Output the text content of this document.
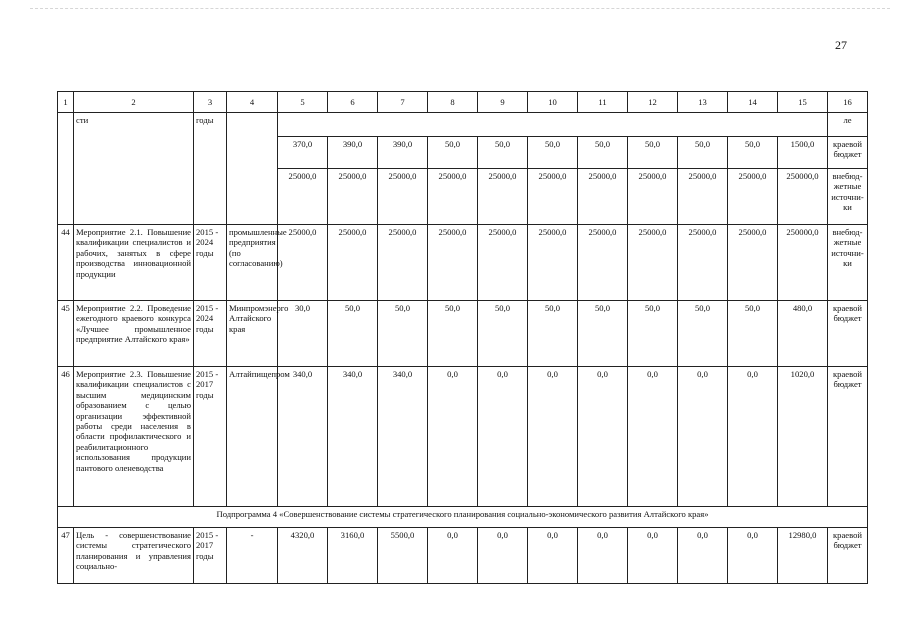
27
1	2	3	4	5	6	7	8	9	10	11	12	13	14	15	16
	сти	годы													ле
				370,0	390,0	390,0	50,0	50,0	50,0	50,0	50,0	50,0	50,0	1500,0	краевой бюджет
				25000,0	25000,0	25000,0	25000,0	25000,0	25000,0	25000,0	25000,0	25000,0	25000,0	250000,0	внебюд-жетные источни-ки
44	Мероприятие 2.1. Повышение квалификации специалистов и рабочих, занятых в сфере производства инновационной продукции	2015 - 2024 годы	промышленные предприятия (по согласованию)	25000,0	25000,0	25000,0	25000,0	25000,0	25000,0	25000,0	25000,0	25000,0	25000,0	250000,0	внебюд-жетные источни-ки
45	Мероприятие 2.2. Проведение ежегодного краевого конкурса «Лучшее промышленное предприятие Алтайского края»	2015 - 2024 годы	Минпромэнерго Алтайского края	30,0	50,0	50,0	50,0	50,0	50,0	50,0	50,0	50,0	50,0	480,0	краевой бюджет
46	Мероприятие 2.3. Повышение квалификации специалистов с высшим медицинским образованием с целью организации эффективной работы среди населения в области профилактического и реабилитационного использования продукции пантового оленеводства	2015 - 2017 годы	Алтайпищепром	340,0	340,0	340,0	0,0	0,0	0,0	0,0	0,0	0,0	0,0	1020,0	краевой бюджет
Подпрограмма 4 «Совершенствование системы стратегического планирования социально-экономического развития Алтайского края»															
47	Цель - совершенствование системы стратегического планирования и управления социально-	2015 - 2017 годы	-	4320,0	3160,0	5500,0	0,0	0,0	0,0	0,0	0,0	0,0	0,0	12980,0	краевой бюджет
